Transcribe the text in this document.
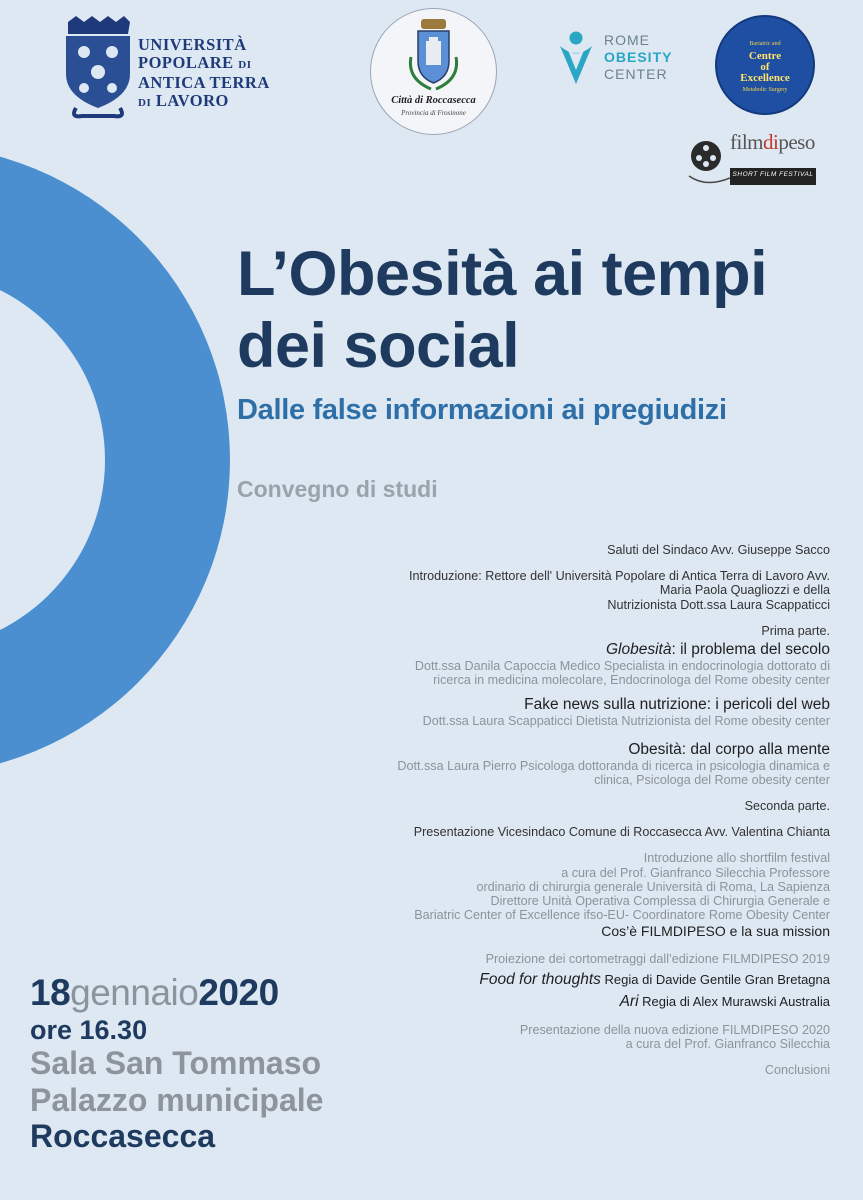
UNIVERSITÀ
POPOLARE DI
ANTICA TERRA
DI LAVORO	Città di Roccasecca
Provincia di Frosinone
ROME
OBESITY
CENTER
Bariatric and
Centre
of
Excellence
Metabolic Surgery
filmdipeso
SHORT FILM FESTIVAL
L’Obesità ai tempi
dei social
Dalle false informazioni ai pregiudizi
Convegno di studi

Saluti del Sindaco Avv. Giuseppe Sacco

Introduzione: Rettore dell' Università Popolare di Antica Terra di Lavoro Avv.
Maria Paola Quagliozzi e della
Nutrizionista Dott.ssa Laura Scappaticci

Prima parte.

Globesità: il problema del secolo

Dott.ssa Danila Capoccia Medico Specialista in endocrinologia dottorato di
ricerca in medicina molecolare, Endocrinologa del Rome obesity center

Fake news sulla nutrizione: i pericoli del web

Dott.ssa Laura Scappaticci Dietista Nutrizionista del Rome obesity center

Obesità: dal corpo alla mente

Dott.ssa Laura Pierro Psicologa dottoranda di ricerca in psicologia dinamica e
clinica, Psicologa del Rome obesity center

Seconda parte.

Presentazione Vicesindaco Comune di Roccasecca Avv. Valentina Chianta

Introduzione allo shortfilm festival
a cura del Prof. Gianfranco Silecchia Professore
ordinario di chirurgia generale Università di Roma, La Sapienza
Direttore Unità Operativa Complessa di Chirurgia Generale e
Bariatric Center of Excellence ifso-EU- Coordinatore Rome Obesity Center

Cos’è FILMDIPESO e la sua mission

Proiezione dei cortometraggi dall’edizione FILMDIPESO 2019

Food for thoughts Regia di Davide Gentile Gran Bretagna

Ari Regia di Alex Murawski Australia

Presentazione della nuova edizione FILMDIPESO 2020
a cura del Prof. Gianfranco Silecchia

Conclusioni

18gennaio2020
ore 16.30
Sala San Tommaso
Palazzo municipale
Roccasecca
